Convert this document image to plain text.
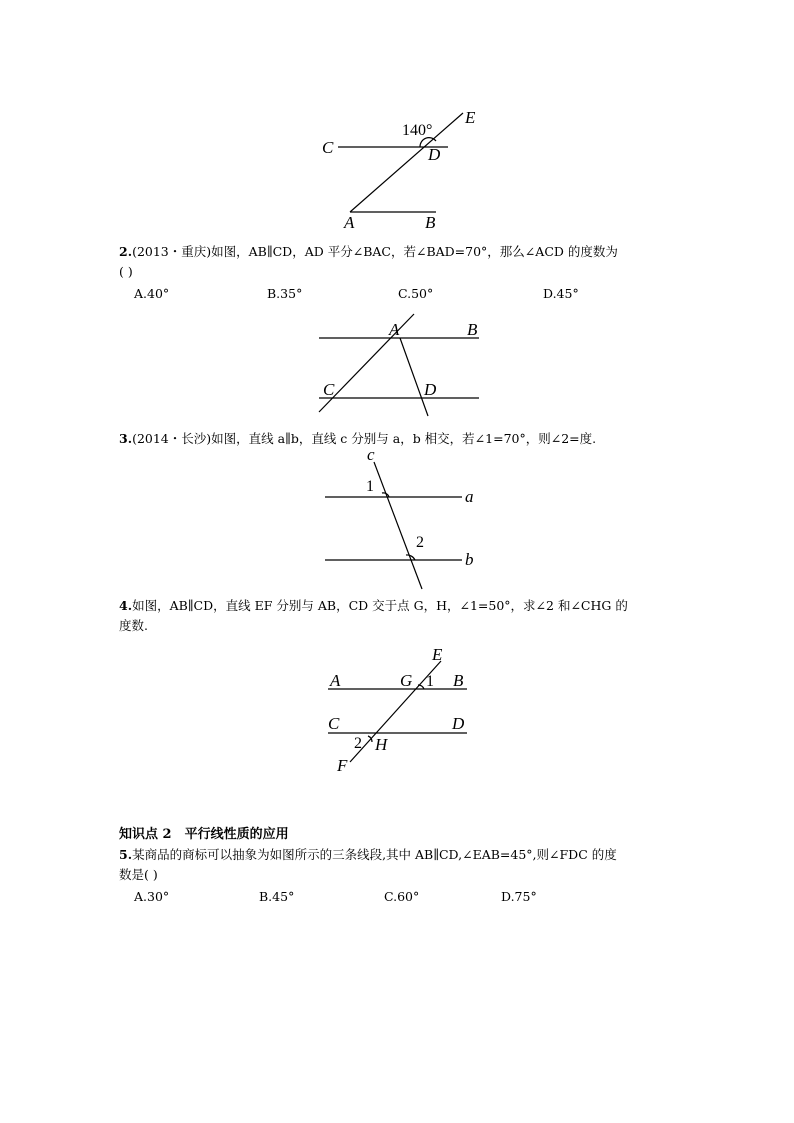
140°
C	D
E
A	B
A	B
C	D
c
a
b
1
2
E
A	G 1 B
C	D
2 H
F
2.(2013・重庆)如图，AB∥CD，AD 平分∠BAC，若∠BAD=70°，那么∠ACD 的度数为
( )
A.40°	B.35°	C.50°	D.45°
3.(2014・长沙)如图，直线 a∥b，直线 c 分别与 a，b 相交，若∠1=70°，则∠2=度.
4.如图，AB∥CD，直线 EF 分别与 AB，CD 交于点 G，H，∠1=50°，求∠2 和∠CHG 的
度数.
知识点 2　平行线性质的应用
5.某商品的商标可以抽象为如图所示的三条线段,其中 AB∥CD,∠EAB=45°,则∠FDC 的度
数是( )
A.30°	B.45°	C.60°	D.75°
